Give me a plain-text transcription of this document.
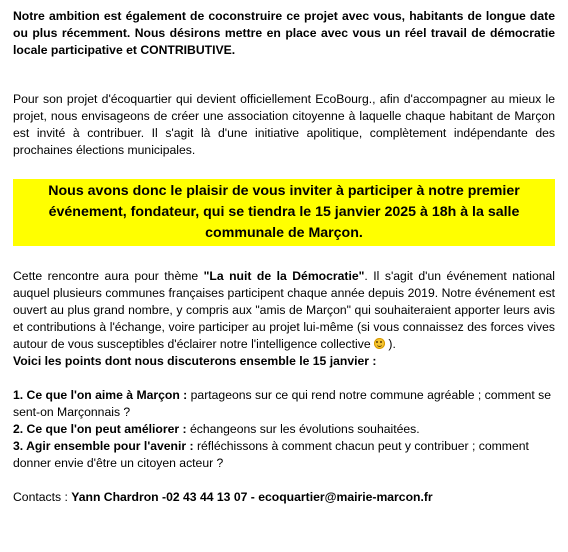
Notre ambition est également de coconstruire ce projet avec vous, habitants de longue date ou plus récemment. Nous désirons mettre en place avec vous un réel travail de démocratie locale participative et CONTRIBUTIVE.

Pour son projet d'écoquartier qui devient officiellement EcoBourg., afin d'accompagner au mieux le projet, nous envisageons de créer une association citoyenne à laquelle chaque habitant de Marçon est invité à contribuer. Il s'agit là d'une initiative apolitique, complètement indépendante des prochaines élections municipales.

Nous avons donc le plaisir de vous inviter à participer à notre premier événement, fondateur, qui se tiendra le 15 janvier 2025 à 18h à la salle communale de Marçon.

Cette rencontre aura pour thème "La nuit de la Démocratie". Il s'agit d'un événement national auquel plusieurs communes françaises participent chaque année depuis 2019. Notre événement est ouvert au plus grand nombre, y compris aux "amis de Marçon" qui souhaiteraient apporter leurs avis et contributions à l'échange, voire participer au projet lui-même (si vous connaissez des forces vives autour de vous susceptibles d'éclairer notre l'intelligence collective  ).

Voici les points dont nous discuterons ensemble le 15 janvier :

1. Ce que l'on aime à Marçon : partageons sur ce qui rend notre commune agréable ; comment se sent-on Marçonnais ?

2. Ce que l'on peut améliorer : échangeons sur les évolutions souhaitées.

3. Agir ensemble pour l'avenir : réfléchissons à comment chacun peut y contribuer ; comment donner envie d'être un citoyen acteur ?

Contacts : Yann Chardron -02 43 44 13 07 - ecoquartier@mairie-marcon.fr
